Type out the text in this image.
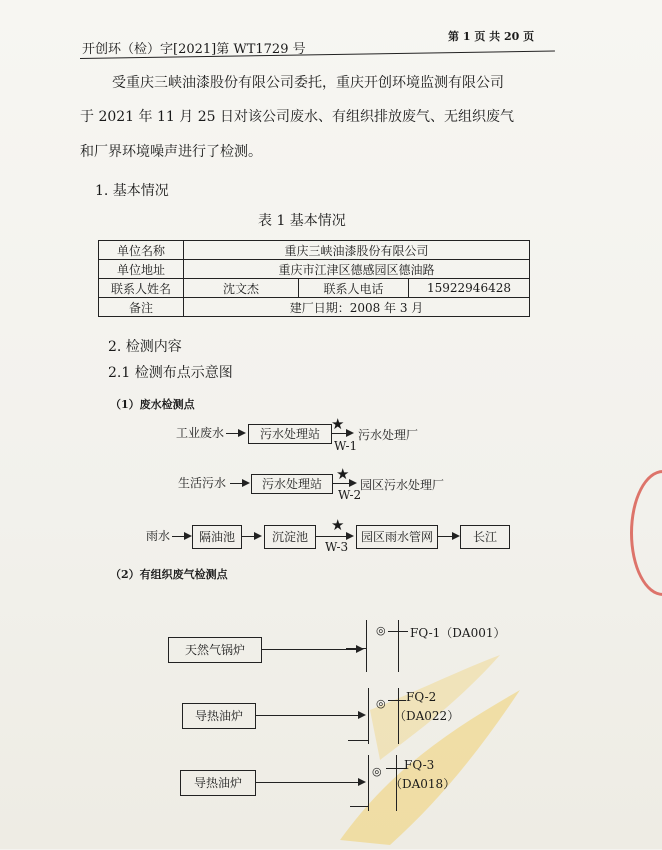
开创环（检）字[2021]第 WT1729 号
第 1 页 共 20 页
受重庆三峡油漆股份有限公司委托，重庆开创环境监测有限公司
于 2021 年 11 月 25 日对该公司废水、有组织排放废气、无组织废气
和厂界环境噪声进行了检测。
1. 基本情况
表 1 基本情况
单位名称	重庆三峡油漆股份有限公司		
单位地址	重庆市江津区德感园区德油路		
联系人姓名	沈文杰	联系人电话	15922946428
备注	建厂日期：2008 年 3 月		
2. 检测内容
2.1 检测布点示意图
（1）废水检测点
工业废水	污水处理站
★
W-1
污水处理厂
生活污水	污水处理站
★
W-2
园区污水处理厂
雨水	隔油池	沉淀池
★
W-3
园区雨水管网	长江
（2）有组织废气检测点
天然气锅炉
◎ FQ-1（DA001）
导热油炉
◎ FQ-2
（DA022）
导热油炉
◎ FQ-3
（DA018）
